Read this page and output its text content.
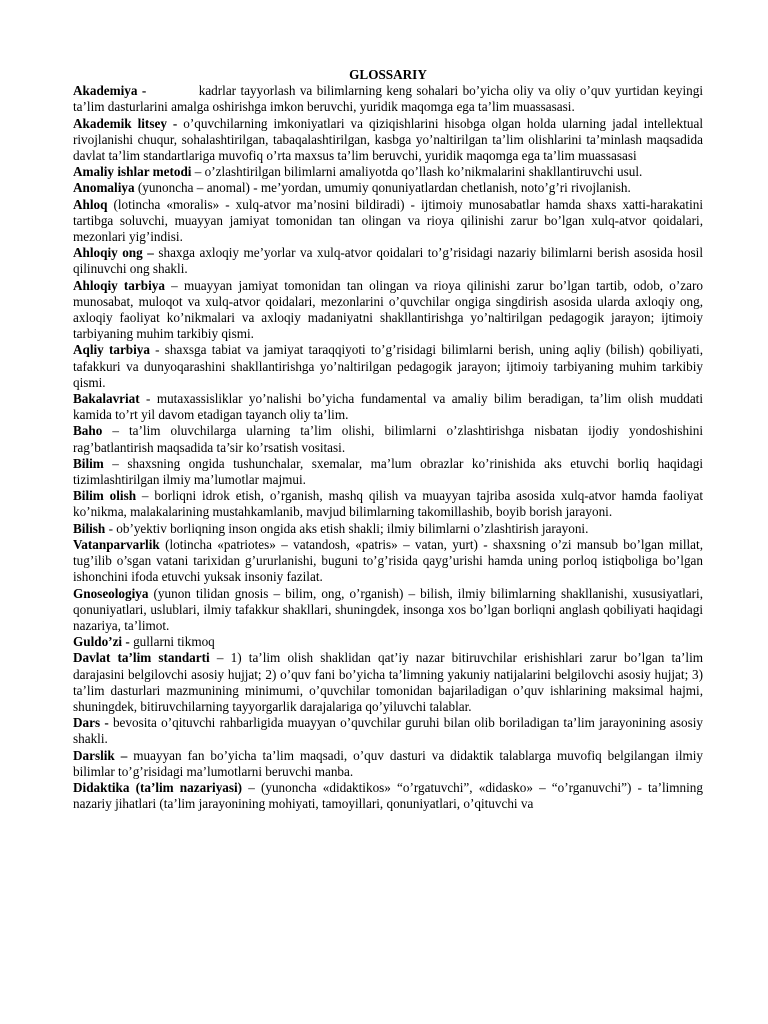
GLOSSARIY

Akademiya -	kadrlar tayyorlash va bilimlarning keng sohalari bo’yicha oliy va oliy o’quv yurtidan keyingi ta’lim dasturlarini amalga oshirishga imkon beruvchi, yuridik maqomga ega ta’lim muassasasi.

Akademik litsey - o’quvchilarning imkoniyatlari va qiziqishlarini hisobga olgan holda ularning jadal intellektual rivojlanishi chuqur, sohalashtirilgan, tabaqalashtirilgan, kasbga yo’naltirilgan ta’lim olishlarini ta’minlash maqsadida davlat ta’lim standartlariga muvofiq o’rta maxsus ta’lim beruvchi, yuridik maqomga ega ta’lim muassasasi

Amaliy ishlar metodi – o’zlashtirilgan bilimlarni amaliyotda qo’llash ko’nikmalarini shakllantiruvchi usul.

Anomaliya (yunoncha – anomal) - me’yordan, umumiy qonuniyatlardan chetlanish, noto’g’ri rivojlanish.

Ahloq (lotincha «moralis» - xulq-atvor ma’nosini bildiradi) - ijtimoiy munosabatlar hamda shaxs xatti-harakatini tartibga soluvchi, muayyan jamiyat tomonidan tan olingan va rioya qilinishi zarur bo’lgan xulq-atvor qoidalari, mezonlari yig’indisi.

Ahloqiy ong – shaxga axloqiy me’yorlar va xulq-atvor qoidalari to’g’risidagi nazariy bilimlarni berish asosida hosil qilinuvchi ong shakli.

Ahloqiy tarbiya – muayyan jamiyat tomonidan tan olingan va rioya qilinishi zarur bo’lgan tartib, odob, o’zaro munosabat, muloqot va xulq-atvor qoidalari, mezonlarini o’quvchilar ongiga singdirish asosida ularda axloqiy ong, axloqiy faoliyat ko’nikmalari va axloqiy madaniyatni shakllantirishga yo’naltirilgan pedagogik jarayon; ijtimoiy tarbiyaning muhim tarkibiy qismi.

Aqliy tarbiya - shaxsga tabiat va jamiyat taraqqiyoti to’g’risidagi bilimlarni berish, uning aqliy (bilish) qobiliyati, tafakkuri va dunyoqarashini shakllantirishga yo’naltirilgan pedagogik jarayon; ijtimoiy tarbiyaning muhim tarkibiy qismi.

Bakalavriat - mutaxassisliklar yo’nalishi bo’yicha fundamental va amaliy bilim beradigan, ta’lim olish muddati kamida to’rt yil davom etadigan tayanch oliy ta’lim.

Baho – ta’lim oluvchilarga ularning ta’lim olishi, bilimlarni o’zlashtirishga nisbatan ijodiy yondoshishini rag’batlantirish maqsadida ta’sir ko’rsatish vositasi.

Bilim – shaxsning ongida tushunchalar, sxemalar, ma’lum obrazlar ko’rinishida aks etuvchi borliq haqidagi tizimlashtirilgan ilmiy ma’lumotlar majmui.

Bilim olish – borliqni idrok etish, o’rganish, mashq qilish va muayyan tajriba asosida xulq-atvor hamda faoliyat ko’nikma, malakalarining mustahkamlanib, mavjud bilimlarning takomillashib, boyib borish jarayoni.

Bilish - ob’yektiv borliqning inson ongida aks etish shakli; ilmiy bilimlarni o’zlashtirish jarayoni.

Vatanparvarlik (lotincha «patriotes» – vatandosh, «patris» – vatan, yurt) - shaxsning o’zi mansub bo’lgan millat, tug’ilib o’sgan vatani tarixidan g’ururlanishi, buguni to’g’risida qayg’urishi hamda uning porloq istiqboliga bo’lgan ishonchini ifoda etuvchi yuksak insoniy fazilat.

Gnoseologiya (yunon tilidan gnosis – bilim, ong, o’rganish) – bilish, ilmiy bilimlarning shakllanishi, xususiyatlari, qonuniyatlari, uslublari, ilmiy tafakkur shakllari, shuningdek, insonga xos bo’lgan borliqni anglash qobiliyati haqidagi nazariya, ta’limot.

Guldo’zi - gullarni tikmoq

Davlat ta’lim standarti – 1) ta’lim olish shaklidan qat’iy nazar bitiruvchilar erishishlari zarur bo’lgan ta’lim darajasini belgilovchi asosiy hujjat; 2) o’quv fani bo’yicha ta’limning yakuniy natijalarini belgilovchi asosiy hujjat; 3) ta’lim dasturlari mazmunining minimumi, o’quvchilar tomonidan bajariladigan o’quv ishlarining maksimal hajmi, shuningdek, bitiruvchilarning tayyorgarlik darajalariga qo’yiluvchi talablar.

Dars - bevosita o’qituvchi rahbarligida muayyan o’quvchilar guruhi bilan olib boriladigan ta’lim jarayonining asosiy shakli.

Darslik – muayyan fan bo’yicha ta’lim maqsadi, o’quv dasturi va didaktik talablarga muvofiq belgilangan ilmiy bilimlar to’g’risidagi ma’lumotlarni beruvchi manba.

Didaktika (ta’lim nazariyasi) – (yunoncha «didaktikos» “o’rgatuvchi”, «didasko» – “o’rganuvchi”) - ta’limning nazariy jihatlari (ta’lim jarayonining mohiyati, tamoyillari, qonuniyatlari, o’qituvchi va
